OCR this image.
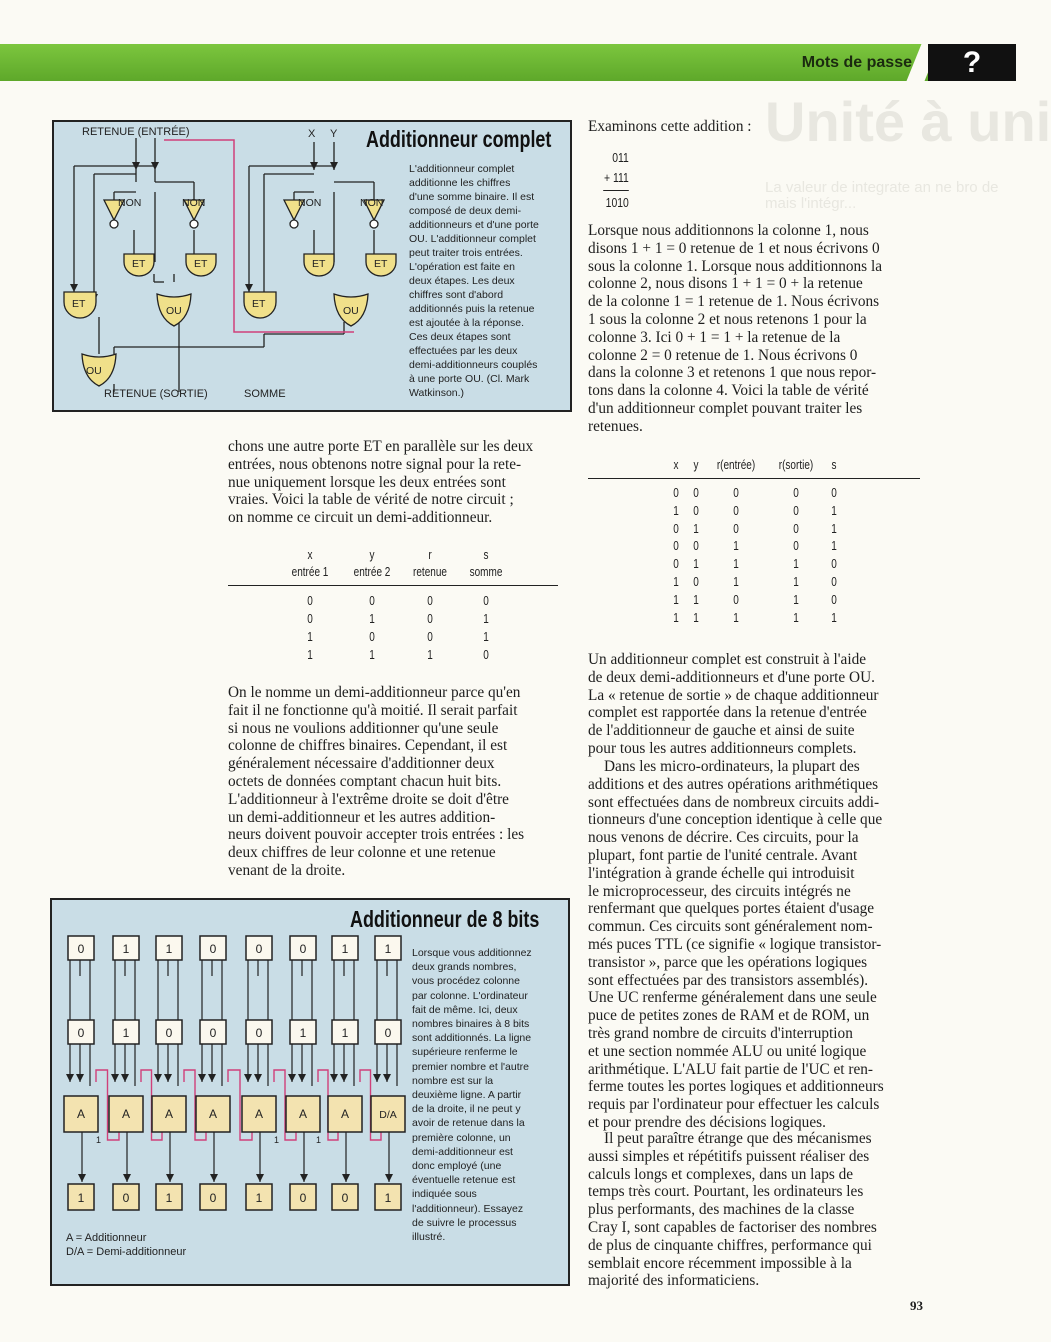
Mots de passe	?
Unité à uni
La valeur de integrate an ne bro de mais l'intégr...
NON	NON	NON	NON
ET	ET	ET	ET
ET	ET
OU	OU
OU
RETENUE (ENTRÉE)	X Y
RETENUE (SORTIE)	SOMME
Additionneur complet
L'additionneur complet
additionne les chiffres
d'une somme binaire. Il est
composé de deux demi-
additionneurs et d'une porte
OU. L'additionneur complet
peut traiter trois entrées.
L'opération est faite en
deux étapes. Les deux
chiffres sont d'abord
additionnés puis la retenue
est ajoutée à la réponse.
Ces deux étapes sont
effectuées par les deux
demi-additionneurs couplés
à une porte OU. (Cl. Mark
Watkinson.)
chons une autre porte ET en parallèle sur les deux
entrées, nous obtenons notre signal pour la rete-
nue uniquement lorsque les deux entrées sont
vraies. Voici la table de vérité de notre circuit ;
on nomme ce circuit un demi-additionneur.
x	y	r	s
entrée 1	entrée 2	retenue	somme
0	0	0	0
0	1	0	1
1	0	0	1
1	1	1	0
On le nomme un demi-additionneur parce qu'en
fait il ne fonctionne qu'à moitié. Il serait parfait
si nous ne voulions additionner qu'une seule
colonne de chiffres binaires. Cependant, il est
généralement nécessaire d'additionner deux
octets de données comptant chacun huit bits.
L'additionneur à l'extrême droite se doit d'être
un demi-additionneur et les autres addition-
neurs doivent pouvoir accepter trois entrées : les
deux chiffres de leur colonne et une retenue
venant de la droite.
0
0
A
1
1
1
A
0
1
0
A
1
0
0
A
0
0
0
A
1
0
1
A
0
1
1
A
0
1
0
D/A
1
1	1	1
Additionneur de 8 bits
Lorsque vous additionnez
deux grands nombres,
vous procédez colonne
par colonne. L'ordinateur
fait de même. Ici, deux
nombres binaires à 8 bits
sont additionnés. La ligne
supérieure renferme le
premier nombre et l'autre
nombre est sur la
deuxième ligne. A partir
de la droite, il ne peut y
avoir de retenue dans la
première colonne, un
demi-additionneur est
donc employé (une
éventuelle retenue est
indiquée sous
l'additionneur). Essayez
de suivre le processus
illustré.
A = Additionneur
D/A = Demi-additionneur
Examinons cette addition :
011
+ 111
1010
Lorsque nous additionnons la colonne 1, nous
disons 1 + 1 = 0 retenue de 1 et nous écrivons 0
sous la colonne 1. Lorsque nous additionnons la
colonne 2, nous disons 1 + 1 = 0 + la retenue
de la colonne 1 = 1 retenue de 1. Nous écrivons
1 sous la colonne 2 et nous retenons 1 pour la
colonne 3. Ici 0 + 1 = 1 + la retenue de la
colonne 2 = 0 retenue de 1. Nous écrivons 0
dans la colonne 3 et retenons 1 que nous repor-
tons dans la colonne 4. Voici la table de vérité
d'un additionneur complet pouvant traiter les
retenues.
x	y	r(entrée)	r(sortie)	s
0	0	0	0	0
1	0	0	0	1
0	1	0	0	1
0	0	1	0	1
0	1	1	1	0
1	0	1	1	0
1	1	0	1	0
1	1	1	1	1
Un additionneur complet est construit à l'aide
de deux demi-additionneurs et d'une porte OU.
La « retenue de sortie » de chaque additionneur
complet est rapportée dans la retenue d'entrée
de l'additionneur de gauche et ainsi de suite
pour tous les autres additionneurs complets.
Dans les micro-ordinateurs, la plupart des
additions et des autres opérations arithmétiques
sont effectuées dans de nombreux circuits addi-
tionneurs d'une conception identique à celle que
nous venons de décrire. Ces circuits, pour la
plupart, font partie de l'unité centrale. Avant
l'intégration à grande échelle qui introduisit
le microprocesseur, des circuits intégrés ne
renfermant que quelques portes étaient d'usage
commun. Ces circuits sont généralement nom-
més puces TTL (ce signifie « logique transistor-
transistor », parce que les opérations logiques
sont effectuées par des transistors assemblés).
Une UC renferme généralement dans une seule
puce de petites zones de RAM et de ROM, un
très grand nombre de circuits d'interruption
et une section nommée ALU ou unité logique
arithmétique. L'ALU fait partie de l'UC et ren-
ferme toutes les portes logiques et additionneurs
requis par l'ordinateur pour effectuer les calculs
et pour prendre des décisions logiques.
Il peut paraître étrange que des mécanismes
aussi simples et répétitifs puissent réaliser des
calculs longs et complexes, dans un laps de
temps très court. Pourtant, les ordinateurs les
plus performants, des machines de la classe
Cray I, sont capables de factoriser des nombres
de plus de cinquante chiffres, performance qui
semblait encore récemment impossible à la
majorité des informaticiens.
93
